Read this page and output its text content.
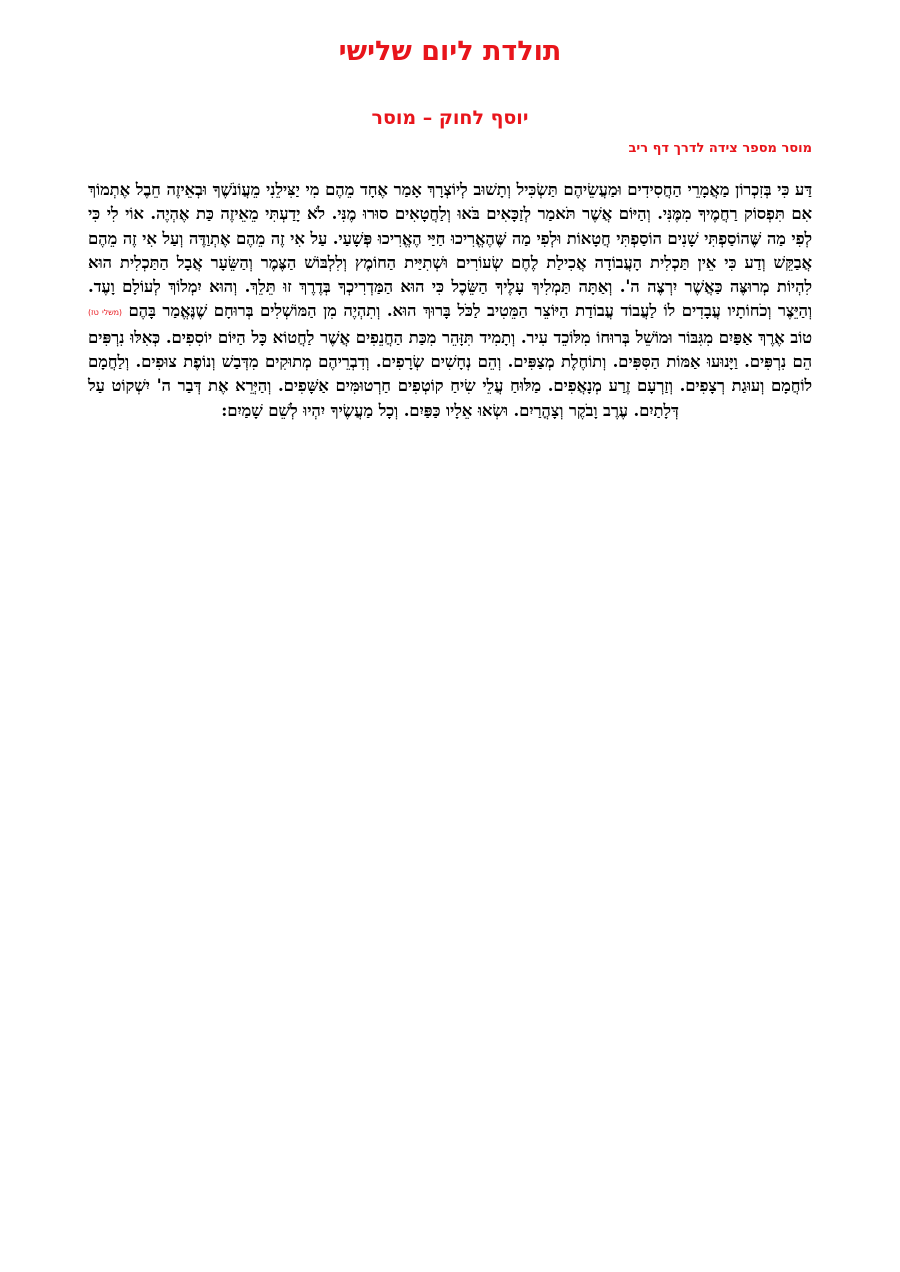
תולדת ליום שלישי
יוסף לחוק – מוסר
מוסר מספר צידה לדרך דף ריב

דַּע כִּי בְּזִכְרוֹן מַאֲמָרֵי הַחֲסִידִים וּמַעֲשֵׂיהֶם תַּשְׂכִּיל וְתָשׁוּב לְיוֹצְרָךְ אָמַר אֶחָד מֵהֶם מִי יַצִּילֵנִי מֵעֲוֹנֹשֶׁךָ וּבְאֵיזֶה חֵבֶל אֶתְמוֹךְ אִם תִּפְסוֹק רַחֲמֶיךָ מִמֶּנִּי. וְהַיּוֹם אֲשֶׁר תֹּאמַר לְזַכָּאִים בֹּאוּ וְלַחֲטָאִים סוּרוּ מֶנִּי. לֹא יָדַעְתִּי מֵאֵיזֶה כַּת אֶהְיֶה. אוֹי לִי כִּי לְפִי מַה שֶּׁהוֹסַפְתִּי שָׁנִים הוֹסַפְתִּי חֲטָאוֹת וּלְפִי מַה שֶּׁהֶאֱרִיכוּ חַיַּי הֶאֱרִיכוּ פְּשָׁעַי. עַל אִי זֶה מֵהֶם אֶתְוַדֶּה וְעַל אִי זֶה מֵהֶם אֲבַקֵּשׁ וְדַע כִּי אֵין תַּכְלִית הָעֲבוֹדָה אֲכִילַת לֶחֶם שְׂעוֹרִים וּשְׁתִיַּית הַחוֹמֶץ וְלִלְבּוֹשׁ הַצֶּמֶר וְהַשֵּׂעָר אֲבָל הַתַּכְלִית הוּא לִהְיוֹת מְרוּצֶּה כַּאֲשֶׁר יִרְצֶה ה'. וְאַתָּה תַּמְלִיךְ עָלֶיךָ הַשֵּׂכֶל כִּי הוּא הַמַּדְרִיכְךָ בְּדֶרֶךְ זוּ תֵּלֵךְ. וְהוּא יִמְלוֹךְ לְעוֹלָם וָעֶד. וְהַיֵּצֶר וְכֹחוֹתָיו עֲבָדִים לוֹ לַעֲבוֹד עֲבוֹדַת הַיּוֹצֵר הַמֵּטִיב לַכֹּל בָּרוּךְ הוּא. וְתִהְיֶה מִן הַמּוֹשְׁלִים בְּרוּחָם שֶׁנֶּאֱמַר בָּהֶם (משלי טז) טוֹב אֶרֶךְ אַפַּיִם מִגִּבּוֹר וּמוֹשֵׁל בְּרוּחוֹ מִלּוֹכֵד עִיר. וְתָמִיד תִּזָּהֵר מִכַּת הַחֲנֵפִים אֲשֶׁר לַחֲטוֹא כָּל הַיּוֹם יוֹסִפִים. כְּאִלּוּ נִרְפִּים הֵם נִרְפִּים. וַיָּנוּעוּ אַמּוֹת הַסִּפִּים. וְתוֹחֶלֶת מְצַפִּים. וְהֵם נְחָשִׁים שְׂרָפִים. וְדִבְרֵיהֶם מְתוּקִים מִדְּבַשׁ וְנוֹפֶת צוּפִים. וְלַחֲמָם לוֹחֲמָם וְעוּגַת רְצָפִים. וְזַרְעָם זֶרַע מְנָאֲפִים. מַלּוּחַ עֲלֵי שִׂיחַ קוֹטְפִים חַרְטוּמִּים אַשָּׁפִים. וְהַיְּרֵא אֶת דְּבַר ה' יִשְׁקוֹט עַל דְּלָתַיִם. עֶרֶב וָבֹקֶר וְצָהֳרַיִם. וּשְׂאוּ אֵלָיו כַּפַּיִם. וְכָל מַעֲשֶׂיךָ יִהְיוּ לְשֵׁם שָׁמַיִם:
